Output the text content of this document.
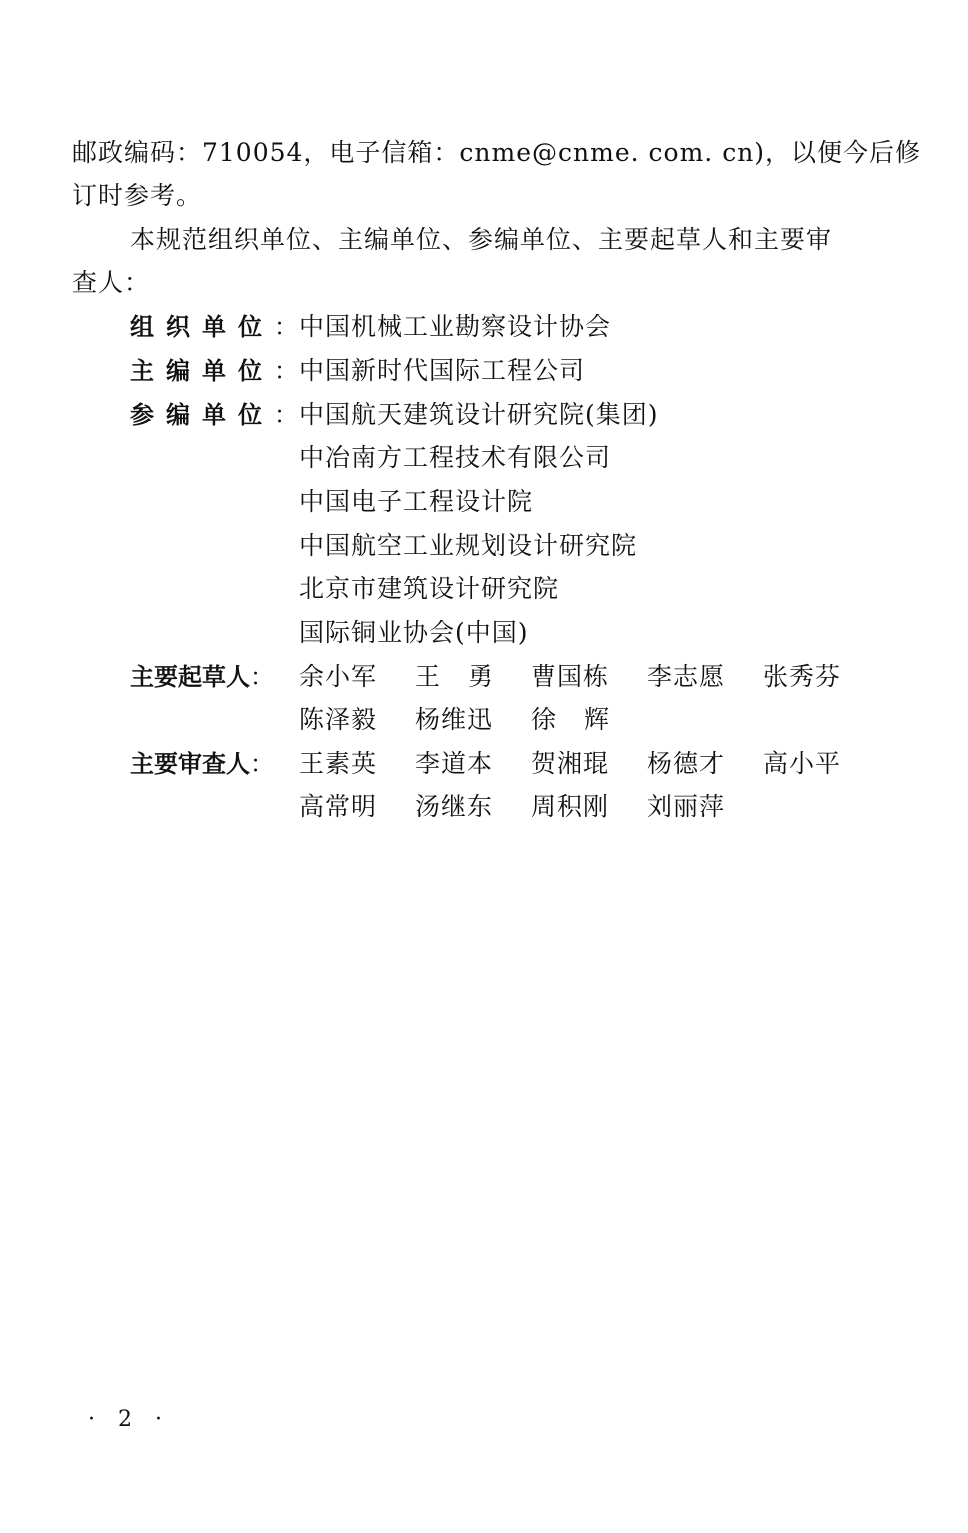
邮政编码：710054，电子信箱：cnme@cnme. com. cn)，以便今后修
订时参考。
本规范组织单位、主编单位、参编单位、主要起草人和主要审
查人：
组织单位： 中国机械工业勘察设计协会
主编单位： 中国新时代国际工程公司
参编单位： 中国航天建筑设计研究院(集团)
中冶南方工程技术有限公司
中国电子工程设计院
中国航空工业规划设计研究院
北京市建筑设计研究院
国际铜业协会(中国)
主要起草人：	余小军	王勇 曹国栋	李志愿	张秀芬
陈泽毅	杨维迅	徐辉
主要审查人：	王素英	李道本	贺湘琨	杨德才	高小平
高常明	汤继东	周积刚	刘丽萍
· 2 ·
